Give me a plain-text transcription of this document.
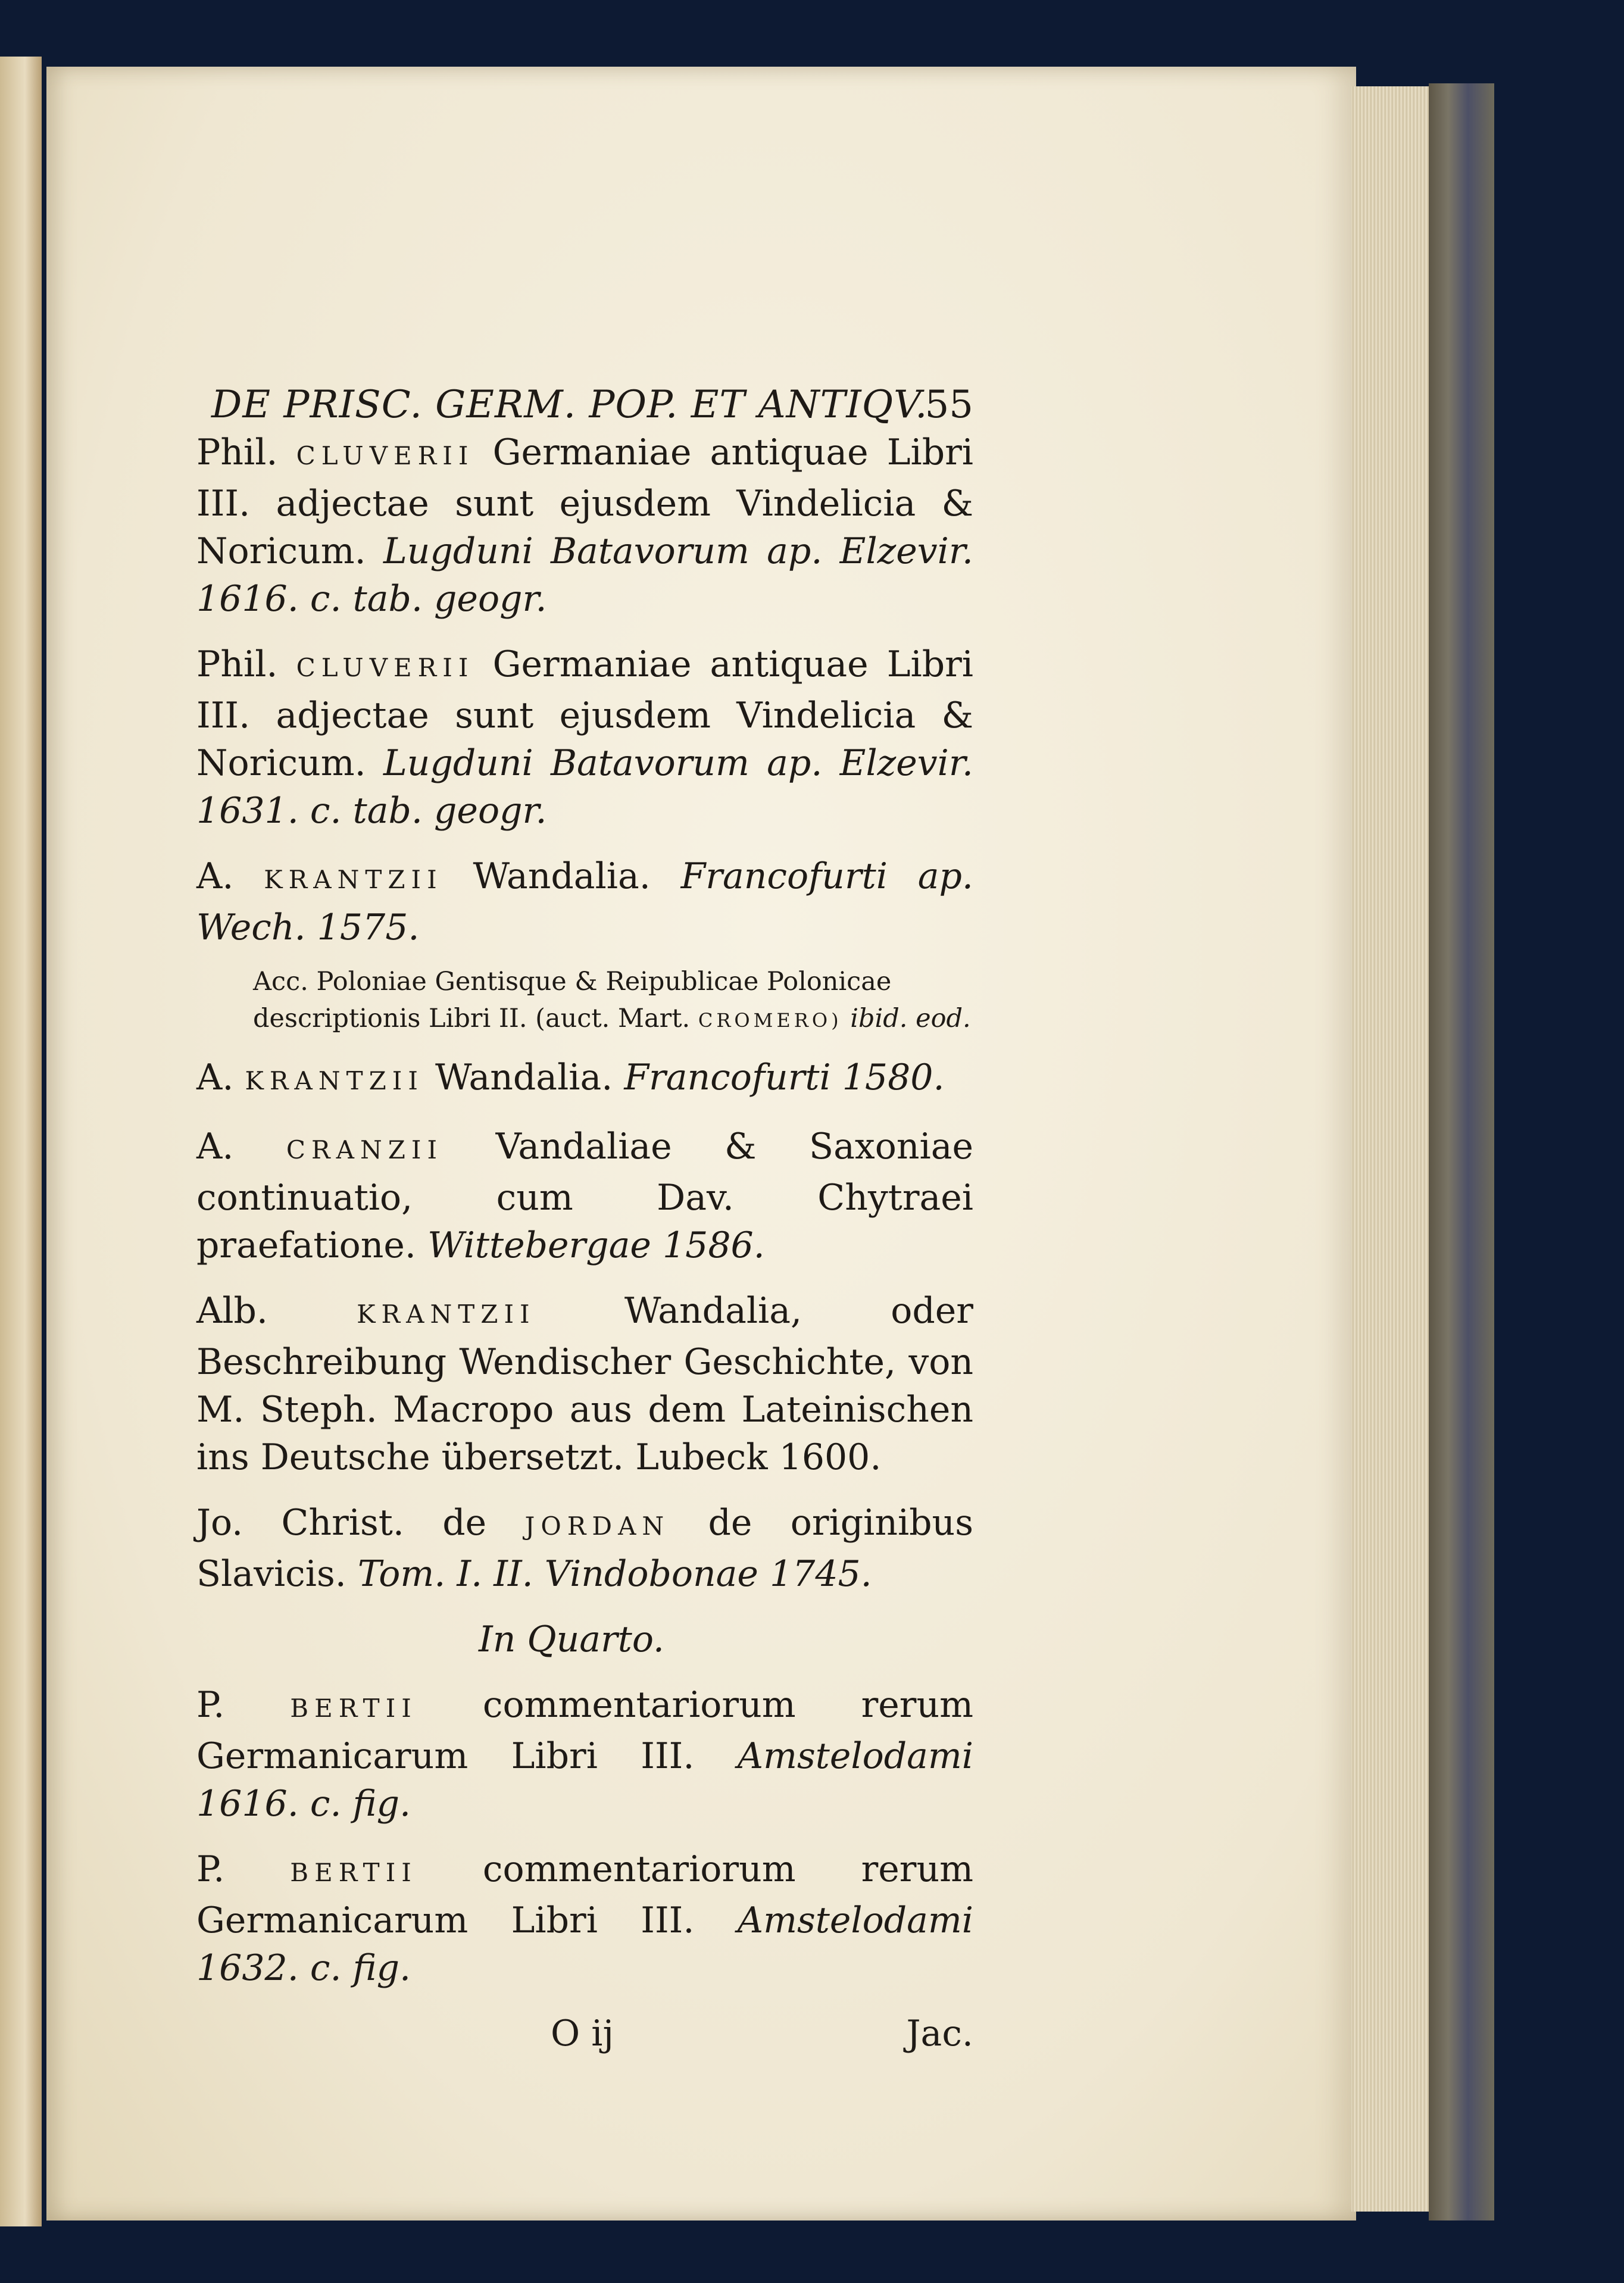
DE PRISC. GERM. POP. ET ANTIQV.
55
Phil. CLUVERII Germaniae antiquae Libri III. adjectae sunt ejusdem Vindelicia & Noricum. Lugduni Batavorum ap. Elzevir. 1616. c. tab. geogr.
Phil. CLUVERII Germaniae antiquae Libri III. adjectae sunt ejusdem Vindelicia & Noricum. Lugduni Batavorum ap. Elzevir. 1631. c. tab. geogr.
A. KRANTZII Wandalia. Francofurti ap. Wech. 1575.
Acc. Poloniae Gentisque & Reipublicae Polonicae descriptionis Libri II. (auct. Mart. CROMERO) ibid. eod.
A. KRANTZII Wandalia. Francofurti 1580.
A. CRANZII Vandaliae & Saxoniae continuatio, cum Dav. Chytraei praefatione. Wittebergae 1586.
Alb.	KRANTZII Wandalia, oder Beschreibung Wendischer Geschichte, von M. Steph. Macropo aus dem Lateinischen ins Deutsche übersetzt. Lubeck 1600.
Jo. Christ. de JORDAN de originibus Slavicis. Tom. I. II. Vindobonae 1745.
In Quarto.
P.	BERTII commentariorum rerum Germanicarum Libri III. Amstelodami 1616. c. fig.
P.	BERTII commentariorum rerum Germanicarum Libri III. Amstelodami 1632. c. fig.
O ij	Jac.
